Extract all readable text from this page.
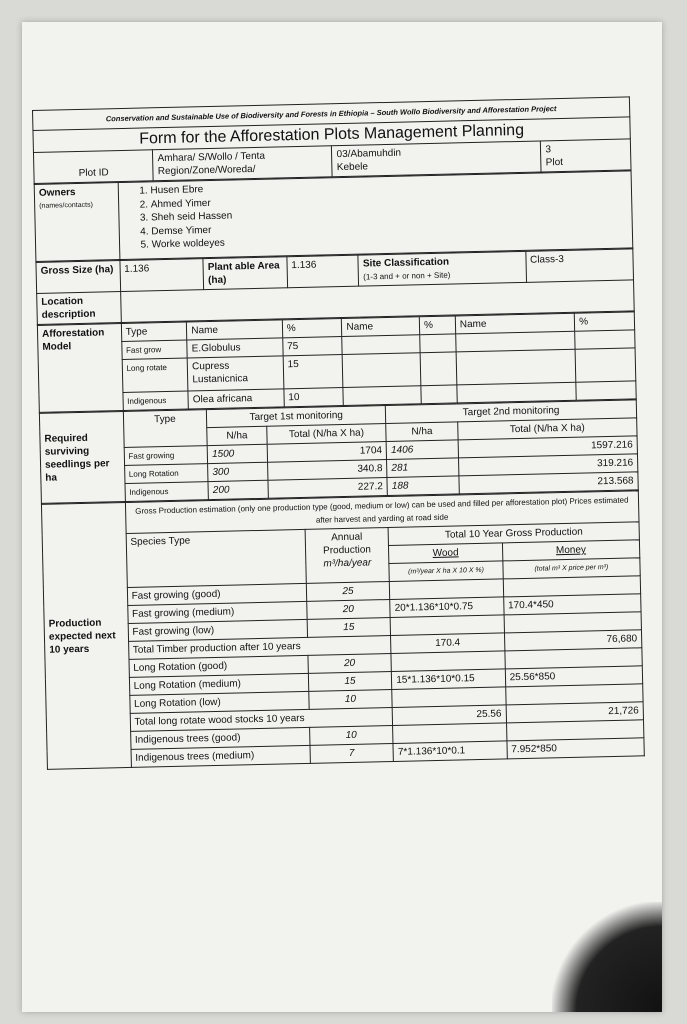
Conservation and Sustainable Use of Biodiversity and Forests in Ethiopia – South Wollo Biodiversity and Afforestation Project
Form for the Afforestation Plots Management Planning
Plot ID	
Amhara/ S/Wollo / Tenta
Region/Zone/Woreda/

03/Abamuhdin
Kebele

3
Plot
Owners
(names/contacts)

1. Husen Ebre
2. Ahmed Yimer
3. Sheh seid Hassen
4. Demse Yimer
5. Worke woldeyes
Gross Size (ha)	1.136	Plant able Area (ha)	1.136	Site Classification
(1-3 and + or non + Site)	Class-3
Location description					
Afforestation Model	Type	Name	%	Name	%	Name	%
	Fast grow	E.Globulus	75				
	Long rotate	Cupress Lustanicnica	15				
	Indigenous	Olea africana	10				
Required surviving seedlings per ha	Type	Target 1st monitoring		Target 2nd monitoring	
		N/ha	Total (N/ha X ha)	N/ha	Total (N/ha X ha)
	Fast growing	1500	1704	1406	1597.216
	Long Rotation	300	340.8	281	319.216
	Indigenous	200	227.2	188	213.568
Production expected next 10 years	Gross Production estimation (only one production type (good, medium or low) can be used and filled per afforestation plot) Prices estimated after harvest and yarding at road side			
	Species Type	Annual Production
m³/ha/year	Total 10 Year Gross Production	
			Wood	Money
			(m³/year X ha X 10 X %)	(total m³ X price per m³)
	Fast growing (good)	25		
	Fast growing (medium)	20	20*1.136*10*0.75	170.4*450
	Fast growing (low)	15		
	Total Timber production after 10 years		170.4	76,680
	Long Rotation (good)	20		
	Long Rotation (medium)	15	15*1.136*10*0.15	25.56*850
	Long Rotation (low)	10		
	Total long rotate wood stocks 10 years		25.56	21,726
	Indigenous trees (good)	10		
	Indigenous trees (medium)	7	7*1.136*10*0.1	7.952*850
